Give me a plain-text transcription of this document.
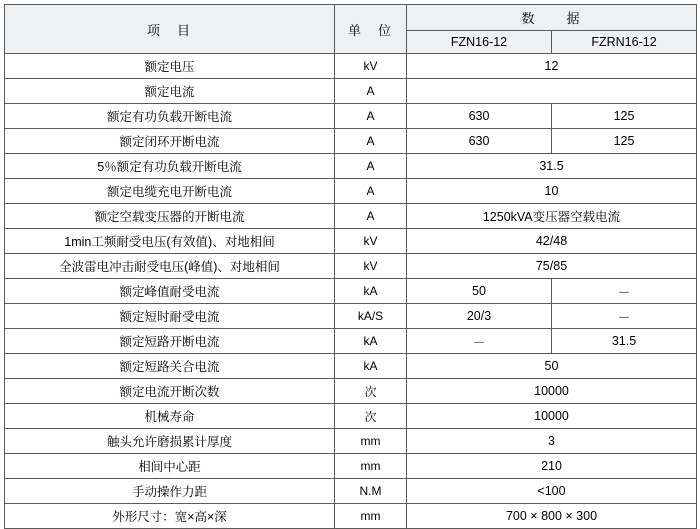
项　目	单　位	数　　据	
		FZN16-12	FZRN16-12
额定电压	kV	12	
额定电流	A		
额定有功负载开断电流	A	630	125
额定闭环开断电流	A	630	125
5％额定有功负载开断电流	A	31.5	
额定电缆充电开断电流	A	10	
额定空载变压器的开断电流	A	1250kVA变压器空载电流	
1min工频耐受电压(有效值)、对地相间	kV	42/48	
全波雷电冲击耐受电压(峰值)、对地相间	kV	75/85	
额定峰值耐受电流	kA	50	－
额定短时耐受电流	kA/S	20/3	－
额定短路开断电流	kA	－	31.5
额定短路关合电流	kA	50	
额定电流开断次数	次	10000	
机械寿命	次	10000	
触头允许磨损累计厚度	mm	3	
相间中心距	mm	210	
手动操作力距	N.M	<100	
外形尺寸：宽×高×深	mm	700 × 800 × 300	
